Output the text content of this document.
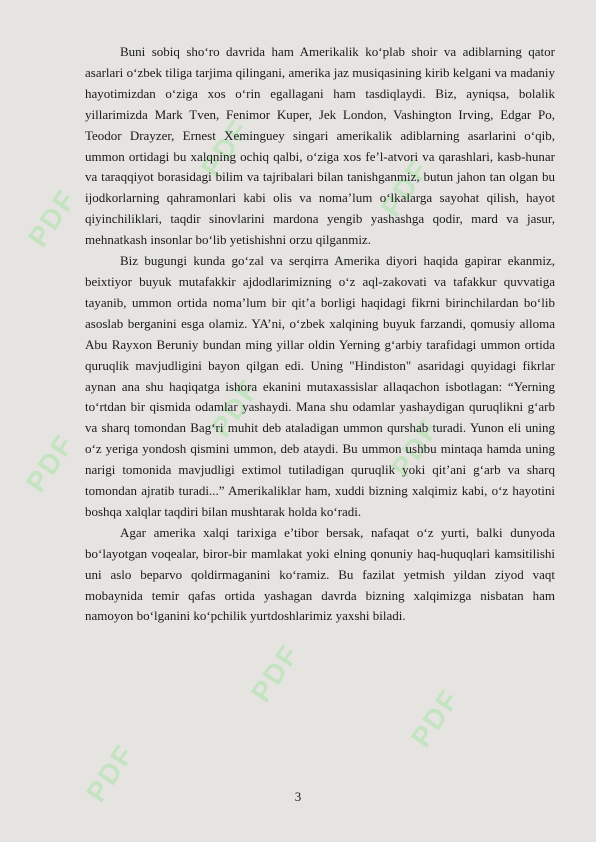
PDF
PDF
PDF
PDF
PDF
PDF
PDF
PDF
PDF

Buni sobiq sho‘ro davrida ham Amerikalik ko‘plab shoir va adiblarning qator asarlari o‘zbek tiliga tarjima qilingani, amerika jaz musiqasining kirib kelgani va madaniy hayotimizdan o‘ziga xos o‘rin egallagani ham tasdiqlaydi. Biz, ayniqsa, bolalik yillarimizda Mark Tven, Fenimor Kuper, Jek London, Vashington Irving, Edgar Po, Teodor Drayzer, Ernest Xeminguey singari amerikalik adiblarning asarlarini o‘qib, ummon ortidagi bu xalqning ochiq qalbi, o‘ziga xos fe’l-atvori va qarashlari, kasb-hunar va taraqqiyot borasidagi bilim va tajribalari bilan tanishganmiz, butun jahon tan olgan bu ijodkorlarning qahramonlari kabi olis va noma’lum o‘lkalarga sayohat qilish, hayot qiyinchiliklari, taqdir sinovlarini mardona yengib yashashga qodir, mard va jasur, mehnatkash insonlar bo‘lib yetishishni orzu qilganmiz.

Biz bugungi kunda go‘zal va serqirra Amerika diyori haqida gapirar ekanmiz, beixtiyor buyuk mutafakkir ajdodlarimizning o‘z aql-zakovati va tafakkur quvvatiga tayanib, ummon ortida noma’lum bir qit’a borligi haqidagi fikrni birinchilardan bo‘lib asoslab berganini esga olamiz. YA’ni, o‘zbek xalqining buyuk farzandi, qomusiy alloma Abu Rayxon Beruniy bundan ming yillar oldin Yerning g‘arbiy tarafidagi ummon ortida quruqlik mavjudligini bayon qilgan edi. Uning "Hindiston" asaridagi quyidagi fikrlar aynan ana shu haqiqatga ishora ekanini mutaxassislar allaqachon isbotlagan: “Yerning to‘rtdan bir qismida odamlar yashaydi. Mana shu odamlar yashaydigan quruqlikni g‘arb va sharq tomondan Bag‘ri muhit deb ataladigan ummon qurshab turadi. Yunon eli uning o‘z yeriga yondosh qismini ummon, deb ataydi. Bu ummon ushbu mintaqa hamda uning narigi tomonida mavjudligi extimol tutiladigan quruqlik yoki qit’ani g‘arb va sharq tomondan ajratib turadi...” Amerikaliklar ham, xuddi bizning xalqimiz kabi, o‘z hayotini boshqa xalqlar taqdiri bilan mushtarak holda ko‘radi.

Agar amerika xalqi tarixiga e’tibor bersak, nafaqat o‘z yurti, balki dunyoda bo‘layotgan voqealar, biror-bir mamlakat yoki elning qonuniy haq-huquqlari kamsitilishi uni aslo beparvo qoldirmaganini ko‘ramiz. Bu fazilat yetmish yildan ziyod vaqt mobaynida temir qafas ortida yashagan davrda bizning xalqimizga nisbatan ham namoyon bo‘lganini ko‘pchilik yurtdoshlarimiz yaxshi biladi.

3
